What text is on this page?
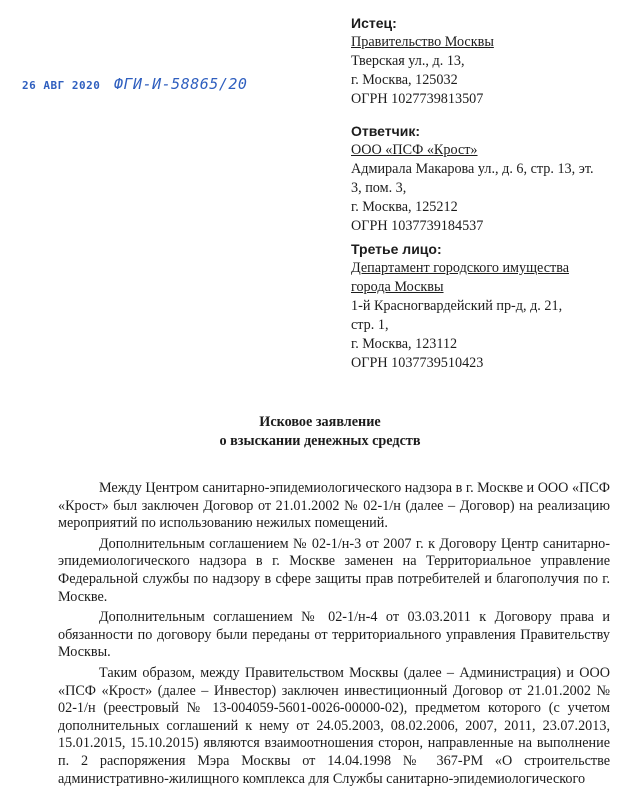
26 АВГ 2020 ФГИ-И-58865/20
Истец:
Правительство Москвы
Тверская ул., д. 13,
г. Москва, 125032
ОГРН 1027739813507
Ответчик:
ООО «ПСФ «Крост»
Адмирала Макарова ул., д. 6, стр. 13, эт.
3, пом. 3,
г. Москва, 125212
ОГРН 1037739184537
Третье лицо:
Департамент городского имущества
города Москвы
1-й Красногвардейский пр-д, д. 21,
стр. 1,
г. Москва, 123112
ОГРН 1037739510423
Исковое заявление
о взыскании денежных средств

Между Центром санитарно-эпидемиологического надзора в г. Москве и ООО «ПСФ «Крост» был заключен Договор от 21.01.2002 № 02-1/н (далее – Договор) на реализацию мероприятий по использованию нежилых помещений.

Дополнительным соглашением № 02-1/н-3 от 2007 г. к Договору Центр санитарно-эпидемиологического надзора в г. Москве заменен на Территориальное управление Федеральной службы по надзору в сфере защиты прав потребителей и благополучия по г. Москве.

Дополнительным соглашением № 02-1/н-4 от 03.03.2011 к Договору права и обязанности по договору были переданы от территориального управления Правительству Москвы.

Таким образом, между Правительством Москвы (далее – Администрация) и ООО «ПСФ «Крост» (далее – Инвестор) заключен инвестиционный Договор от 21.01.2002 № 02-1/н (реестровый № 13-004059-5601-0026-00000-02), предметом которого (с учетом дополнительных соглашений к нему от 24.05.2003, 08.02.2006, 2007, 2011, 23.07.2013, 15.01.2015, 15.10.2015) являются взаимоотношения сторон, направленные на выполнение п. 2 распоряжения Мэра Москвы от 14.04.1998 № 367-РМ «О строительстве административно-жилищного комплекса для Службы санитарно-эпидемиологического
